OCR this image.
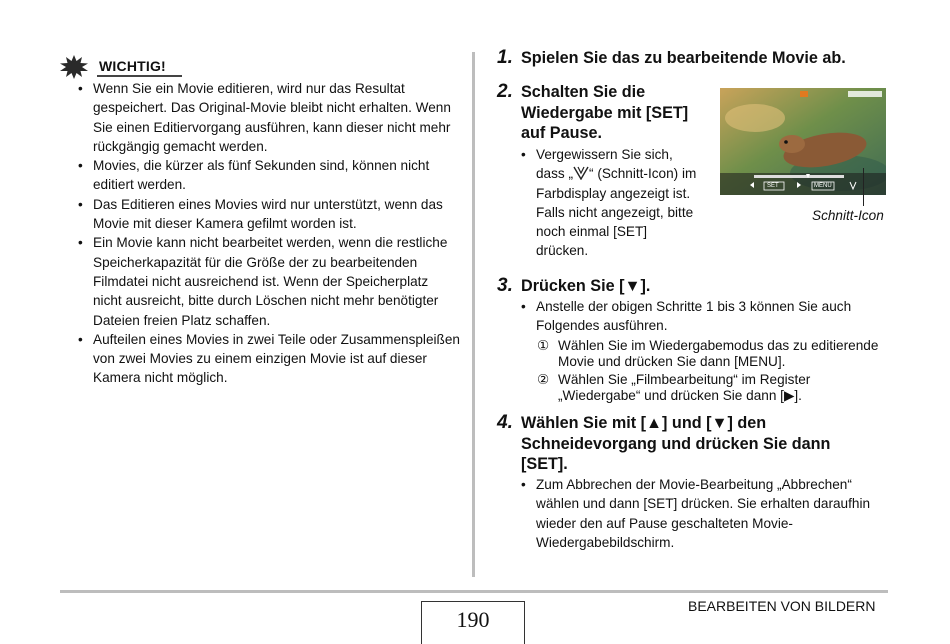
WICHTIG!
• Wenn Sie ein Movie editieren, wird nur das Resultat gespeichert. Das Original-Movie bleibt nicht erhalten. Wenn Sie einen Editiervorgang ausführen, kann dieser nicht mehr rückgängig gemacht werden.
• Movies, die kürzer als fünf Sekunden sind, können nicht editiert werden.
• Das Editieren eines Movies wird nur unterstützt, wenn das Movie mit dieser Kamera gefilmt worden ist.
• Ein Movie kann nicht bearbeitet werden, wenn die restliche Speicherkapazität für die Größe der zu bearbeitenden Filmdatei nicht ausreichend ist. Wenn der Speicherplatz nicht ausreicht, bitte durch Löschen nicht mehr benötigter Dateien freien Platz schaffen.
• Aufteilen eines Movies in zwei Teile oder Zusammenspleißen von zwei Movies zu einem einzigen Movie ist auf dieser Kamera nicht möglich.
1. Spielen Sie das zu bearbeitende Movie ab.
2. Schalten Sie die Wiedergabe mit [SET] auf Pause.
• Vergewissern Sie sich, dass „ “ (Schnitt-Icon) im Farbdisplay angezeigt ist. Falls nicht angezeigt, bitte noch einmal [SET] drücken.
SET	MENU
Schnitt-Icon
3. Drücken Sie [▼].
• Anstelle der obigen Schritte 1 bis 3 können Sie auch Folgendes ausführen.
① Wählen Sie im Wiedergabemodus das zu editierende Movie und drücken Sie dann [MENU].
② Wählen Sie „Filmbearbeitung“ im Register „Wiedergabe“ und drücken Sie dann [▶].
4. Wählen Sie mit [▲] und [▼] den Schneidevorgang und drücken Sie dann [SET].
• Zum Abbrechen der Movie-Bearbeitung „Abbrechen“ wählen und dann [SET] drücken. Sie erhalten daraufhin wieder den auf Pause geschalteten Movie-Wiedergabebildschirm.
190
BEARBEITEN VON BILDERN
